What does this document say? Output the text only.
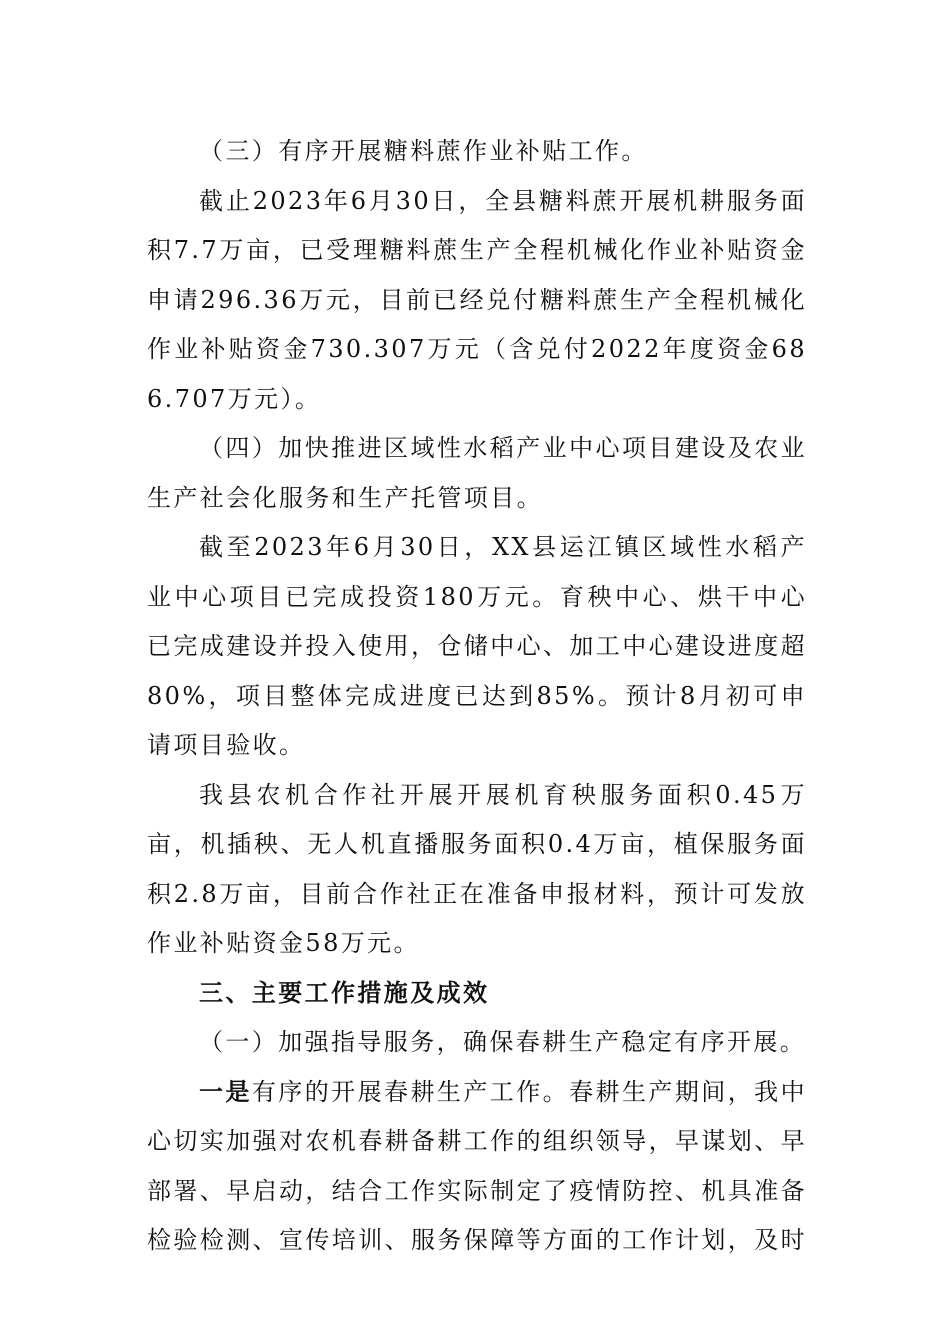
（三）有序开展糖料蔗作业补贴工作。

截止2023年6月30日，全县糖料蔗开展机耕服务面积7.7万亩，已受理糖料蔗生产全程机械化作业补贴资金申请296.36万元，目前已经兑付糖料蔗生产全程机械化作业补贴资金730.307万元（含兑付2022年度资金686.707万元）。

（四）加快推进区域性水稻产业中心项目建设及农业生产社会化服务和生产托管项目。

截至2023年6月30日，XX县运江镇区域性水稻产业中心项目已完成投资180万元。育秧中心、烘干中心已完成建设并投入使用，仓储中心、加工中心建设进度超80%，项目整体完成进度已达到85%。预计8月初可申请项目验收。

我县农机合作社开展开展机育秧服务面积0.45万亩，机插秧、无人机直播服务面积0.4万亩，植保服务面积2.8万亩，目前合作社正在准备申报材料，预计可发放作业补贴资金58万元。

三、主要工作措施及成效

（一）加强指导服务，确保春耕生产稳定有序开展。

一是有序的开展春耕生产工作。春耕生产期间，我中心切实加强对农机春耕备耕工作的组织领导，早谋划、早部署、早启动，结合工作实际制定了疫情防控、机具准备检验检测、宣传培训、服务保障等方面的工作计划，及时
